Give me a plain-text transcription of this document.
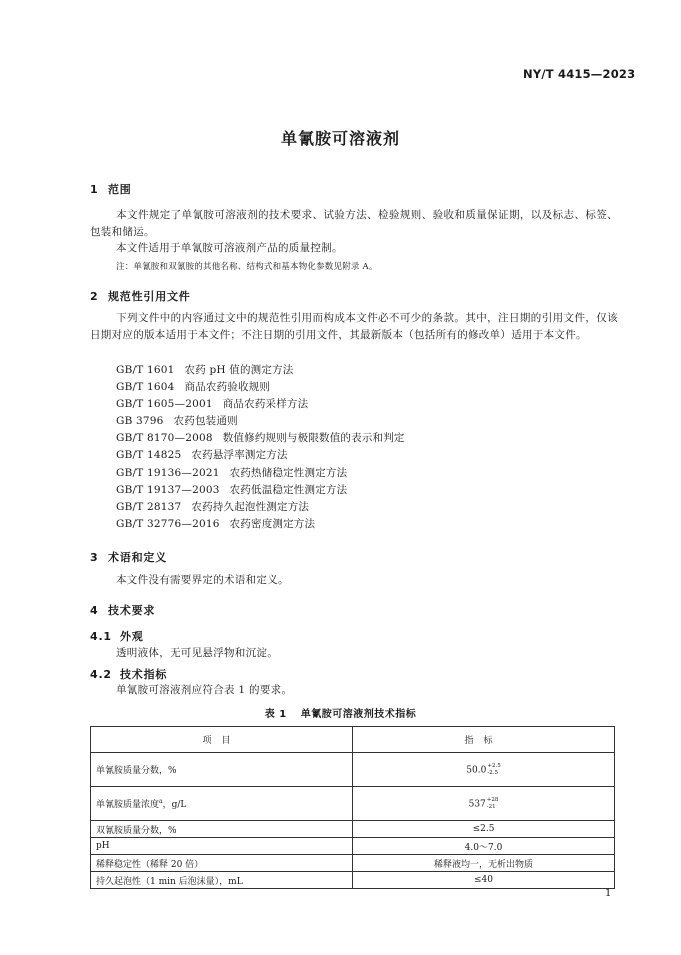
NY/T 4415—2023
单氰胺可溶液剂
1 范围
本文件规定了单氰胺可溶液剂的技术要求、试验方法、检验规则、验收和质量保证期，以及标志、标签、包装和储运。
本文件适用于单氰胺可溶液剂产品的质量控制。
注：单氰胺和双氰胺的其他名称、结构式和基本物化参数见附录 A。
2 规范性引用文件
下列文件中的内容通过文中的规范性引用而构成本文件必不可少的条款。其中，注日期的引用文件，仅该日期对应的版本适用于本文件；不注日期的引用文件，其最新版本（包括所有的修改单）适用于本文件。
GB/T 1601 农药 pH 值的测定方法
GB/T 1604 商品农药验收规则
GB/T 1605—2001 商品农药采样方法
GB 3796 农药包装通则
GB/T 8170—2008 数值修约规则与极限数值的表示和判定
GB/T 14825 农药悬浮率测定方法
GB/T 19136—2021 农药热储稳定性测定方法
GB/T 19137—2003 农药低温稳定性测定方法
GB/T 28137 农药持久起泡性测定方法
GB/T 32776—2016 农药密度测定方法
3 术语和定义
本文件没有需要界定的术语和定义。
4 技术要求
4.1 外观
透明液体，无可见悬浮物和沉淀。
4.2 技术指标
单氰胺可溶液剂应符合表 1 的要求。
表 1 单氰胺可溶液剂技术指标
项目	指标
单氰胺质量分数，%	50.0+2.5
-2.5
单氰胺质量浓度$^a$，g/L	537+28
-21
双氰胺质量分数，%	≤2.5
pH	4.0～7.0
稀释稳定性（稀释 20 倍）	稀释液均一，无析出物质
持久起泡性（1 min 后泡沫量），mL	≤40
1
